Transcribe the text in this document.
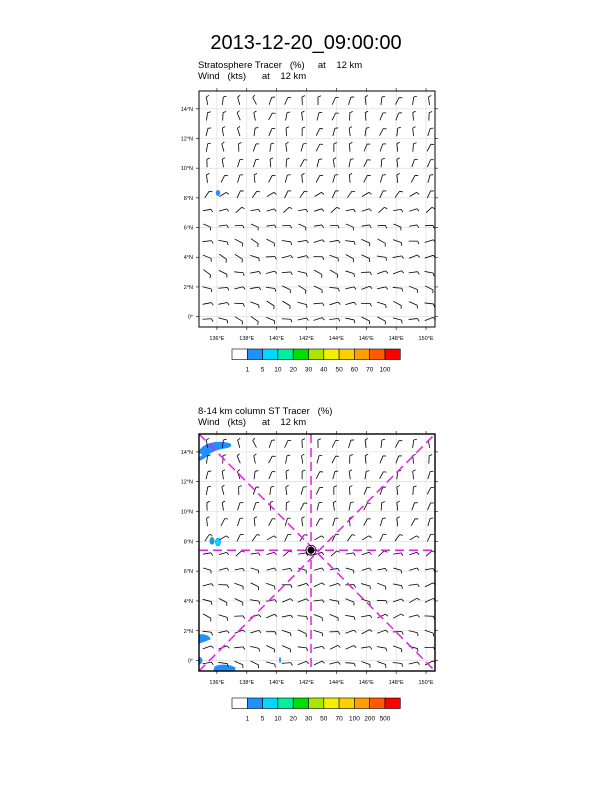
2013-12-20_09:00:00
Stratosphere Tracer   (%)     at    12 km
Wind   (kts)      at    12 km
8-14 km column ST Tracer   (%)
Wind   (kts)      at    12 km
136°E	138°E	140°E	142°E	144°E	146°E	148°E	150°E
14°N
12°N
10°N
8°N
6°N
4°N
2°N
0°
1 5 10 20 30 40 50 60 70 100
136°E	138°E	140°E	142°E	144°E	146°E	148°E	150°E
14°N
12°N
10°N
8°N
6°N
4°N
2°N
0°
1 5 10 20 30 50 70 100 200 500
